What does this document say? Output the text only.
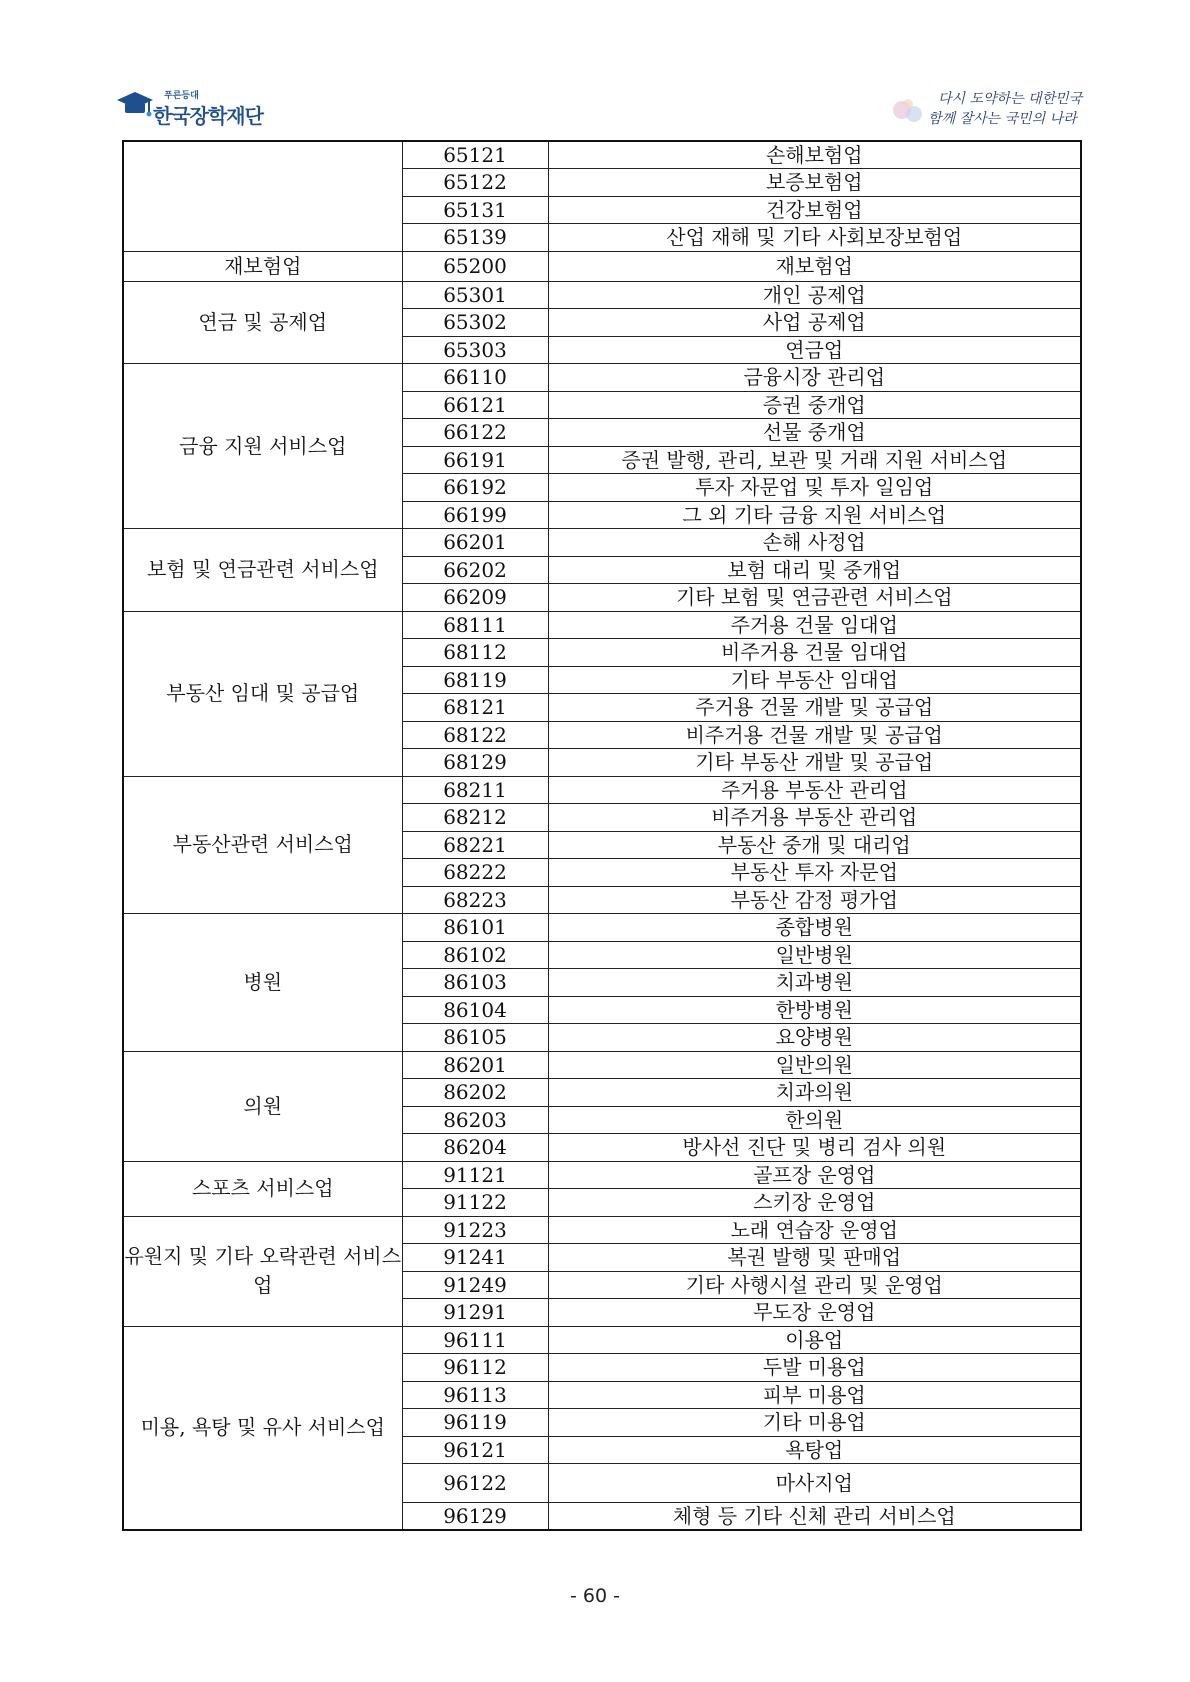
푸른등대
한국장학재단
다시 도약하는 대한민국
함께 잘사는 국민의 나라
	65121	손해보험업
	65122	보증보험업
	65131	건강보험업
	65139	산업 재해 및 기타 사회보장보험업
재보험업	65200	재보험업
연금 및 공제업	65301	개인 공제업
	65302	사업 공제업
	65303	연금업
금융 지원 서비스업	66110	금융시장 관리업
	66121	증권 중개업
	66122	선물 중개업
	66191	증권 발행, 관리, 보관 및 거래 지원 서비스업
	66192	투자 자문업 및 투자 일임업
	66199	그 외 기타 금융 지원 서비스업
보험 및 연금관련 서비스업	66201	손해 사정업
	66202	보험 대리 및 중개업
	66209	기타 보험 및 연금관련 서비스업
부동산 임대 및 공급업	68111	주거용 건물 임대업
	68112	비주거용 건물 임대업
	68119	기타 부동산 임대업
	68121	주거용 건물 개발 및 공급업
	68122	비주거용 건물 개발 및 공급업
	68129	기타 부동산 개발 및 공급업
부동산관련 서비스업	68211	주거용 부동산 관리업
	68212	비주거용 부동산 관리업
	68221	부동산 중개 및 대리업
	68222	부동산 투자 자문업
	68223	부동산 감정 평가업
병원	86101	종합병원
	86102	일반병원
	86103	치과병원
	86104	한방병원
	86105	요양병원
의원	86201	일반의원
	86202	치과의원
	86203	한의원
	86204	방사선 진단 및 병리 검사 의원
스포츠 서비스업	91121	골프장 운영업
	91122	스키장 운영업
유원지 및 기타 오락관련 서비스업	91223	노래 연습장 운영업
	91241	복권 발행 및 판매업
	91249	기타 사행시설 관리 및 운영업
	91291	무도장 운영업
미용, 욕탕 및 유사 서비스업	96111	이용업
	96112	두발 미용업
	96113	피부 미용업
	96119	기타 미용업
	96121	욕탕업
	96122	마사지업
	96129	체형 등 기타 신체 관리 서비스업
- 60 -
